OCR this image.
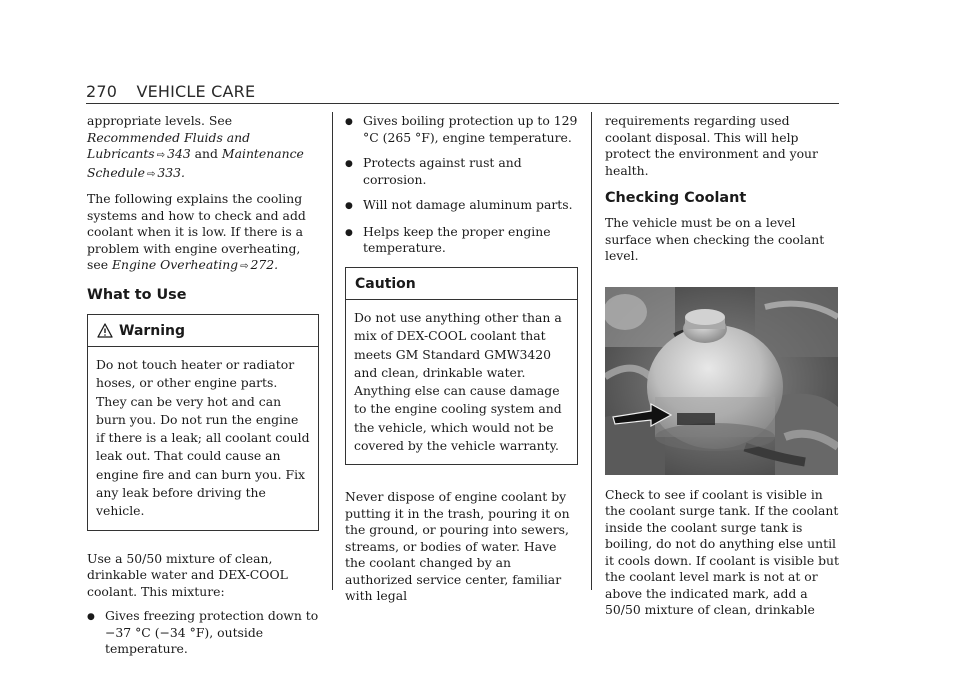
270 VEHICLE CARE

appropriate levels. See Recommended Fluids and Lubricants ⇨ 343 and Maintenance Schedule ⇨ 333.

The following explains the cooling systems and how to check and add coolant when it is low. If there is a problem with engine overheating, see Engine Overheating ⇨ 272.

What to Use
Warning
Do not touch heater or radiator hoses, or other engine parts. They can be very hot and can burn you. Do not run the engine if there is a leak; all coolant could leak out. That could cause an engine fire and can burn you. Fix any leak before driving the vehicle.

Use a 50/50 mixture of clean, drinkable water and DEX-COOL coolant. This mixture:

● Gives freezing protection down to −37 °C (−34 °F), outside temperature.
● Gives boiling protection up to 129 °C (265 °F), engine temperature.
● Protects against rust and corrosion.
● Will not damage aluminum parts.
● Helps keep the proper engine temperature.
Caution
Do not use anything other than a mix of DEX-COOL coolant that meets GM Standard GMW3420 and clean, drinkable water. Anything else can cause damage to the engine cooling system and the vehicle, which would not be covered by the vehicle warranty.

Never dispose of engine coolant by putting it in the trash, pouring it on the ground, or pouring into sewers, streams, or bodies of water. Have the coolant changed by an authorized service center, familiar with legal

requirements regarding used coolant disposal. This will help protect the environment and your health.

Checking Coolant

The vehicle must be on a level surface when checking the coolant level.

Check to see if coolant is visible in the coolant surge tank. If the coolant inside the coolant surge tank is boiling, do not do anything else until it cools down. If coolant is visible but the coolant level mark is not at or above the indicated mark, add a 50/50 mixture of clean, drinkable
